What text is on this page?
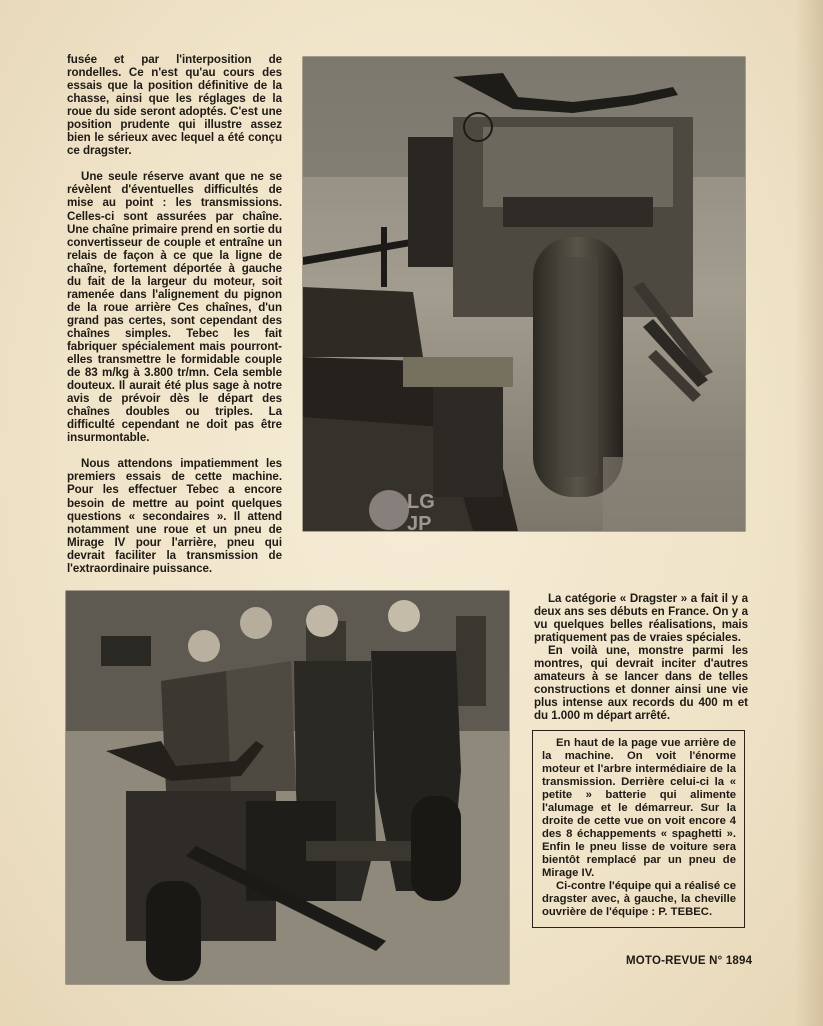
fusée et par l'interposition de rondelles. Ce n'est qu'au cours des essais que la position définitive de la chasse, ainsi que les réglages de la roue du side seront adoptés. C'est une position prudente qui illustre assez bien le sérieux avec lequel a été conçu ce dragster.

Une seule réserve avant que ne se révèlent d'éventuelles difficultés de mise au point : les transmissions. Celles-ci sont assurées par chaîne. Une chaîne primaire prend en sortie du convertisseur de couple et entraîne un relais de façon à ce que la ligne de chaîne, fortement déportée à gauche du fait de la largeur du moteur, soit ramenée dans l'alignement du pignon de la roue arrière Ces chaînes, d'un grand pas certes, sont cependant des chaînes simples. Tebec les fait fabriquer spécialement mais pourront-elles transmettre le formidable couple de 83 m/kg à 3.800 tr/mn. Cela semble douteux. Il aurait été plus sage à notre avis de prévoir dès le départ des chaînes doubles ou triples. La difficulté cependant ne doit pas être insurmontable.

Nous attendons impatiemment les premiers essais de cette machine. Pour les effectuer Tebec a encore besoin de mettre au point quelques questions « secondaires ». Il attend notamment une roue et un pneu de Mirage IV pour l'arrière, pneu qui devrait faciliter la transmission de l'extraordinaire puissance.

LG
JP

La catégorie « Dragster » a fait il y a deux ans ses débuts en France. On y a vu quelques belles réalisations, mais pratiquement pas de vraies spéciales.

En voilà une, monstre parmi les montres, qui devrait inciter d'autres amateurs à se lancer dans de telles constructions et donner ainsi une vie plus intense aux records du 400 m et du 1.000 m départ arrêté.

En haut de la page vue arrière de la machine. On voit l'énorme moteur et l'arbre intermédiaire de la transmission. Derrière celui-ci la « petite » batterie qui alimente l'alumage et le démarreur. Sur la droite de cette vue on voit encore 4 des 8 échappements « spaghetti ». Enfin le pneu lisse de voiture sera bientôt remplacé par un pneu de Mirage IV.

Ci-contre l'équipe qui a réalisé ce dragster avec, à gauche, la cheville ouvrière de l'équipe : P. TEBEC.

MOTO-REVUE N° 1894
